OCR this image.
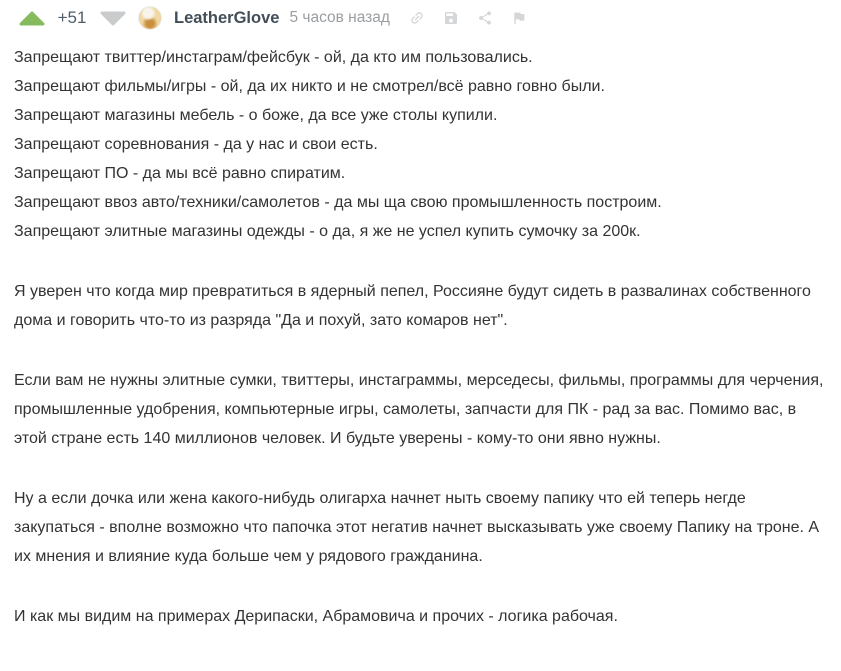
+51	LeatherGlove 5 часов назад
Запрещают твиттер/инстаграм/фейсбук - ой, да кто им пользовались.
Запрещают фильмы/игры - ой, да их никто и не смотрел/всё равно говно были.
Запрещают магазины мебель - о боже, да все уже столы купили.
Запрещают соревнования - да у нас и свои есть.
Запрещают ПО - да мы всё равно спиратим.
Запрещают ввоз авто/техники/самолетов - да мы ща свою промышленность построим.
Запрещают элитные магазины одежды - о да, я же не успел купить сумочку за 200к.
Я уверен что когда мир превратиться в ядерный пепел, Россияне будут сидеть в развалинах собственного дома и говорить что-то из разряда "Да и похуй, зато комаров нет".
Если вам не нужны элитные сумки, твиттеры, инстаграммы, мерседесы, фильмы, программы для черчения, промышленные удобрения, компьютерные игры, самолеты, запчасти для ПК - рад за вас. Помимо вас, в этой стране есть 140 миллионов человек. И будьте уверены - кому-то они явно нужны.
Ну а если дочка или жена какого-нибудь олигарха начнет ныть своему папику что ей теперь негде закупаться - вполне возможно что папочка этот негатив начнет высказывать уже своему Папику на троне. А их мнения и влияние куда больше чем у рядового гражданина.
И как мы видим на примерах Дерипаски, Абрамовича и прочих - логика рабочая.
